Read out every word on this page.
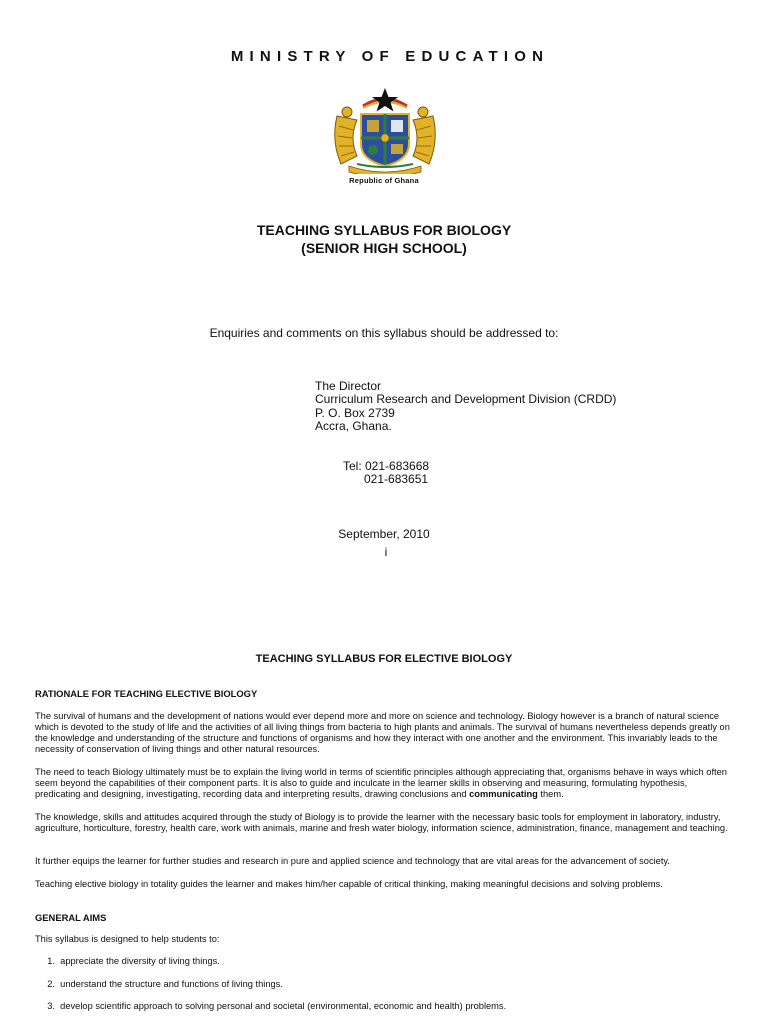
MINISTRY OF EDUCATION
Republic of Ghana
TEACHING SYLLABUS FOR BIOLOGY
(SENIOR HIGH SCHOOL)
Enquiries and comments on this syllabus should be addressed to:
The Director
Curriculum Research and Development Division (CRDD)
P. O. Box 2739
Accra, Ghana.
Tel: 021-683668
021-683651
September, 2010
i
TEACHING SYLLABUS FOR ELECTIVE BIOLOGY
RATIONALE FOR TEACHING ELECTIVE BIOLOGY

The survival of humans and the development of nations would ever depend more and more on science and technology. Biology however is a branch of natural science which is devoted to the study of life and the activities of all living things from bacteria to high plants and animals. The survival of humans nevertheless depends greatly on the knowledge and understanding of the structure and functions of organisms and how they interact with one another and the environment. This invariably leads to the necessity of conservation of living things and other natural resources.

The need to teach Biology ultimately must be to explain the living world in terms of scientific principles although appreciating that, organisms behave in ways which often seem beyond the capabilities of their component parts. It is also to guide and inculcate in the learner skills in observing and measuring, formulating hypothesis, predicating and designing, investigating, recording data and interpreting results, drawing conclusions and communicating them.

The knowledge, skills and attitudes acquired through the study of Biology is to provide the learner with the necessary basic tools for employment in laboratory, industry, agriculture, horticulture, forestry, health care, work with animals, marine and fresh water biology, information science, administration, finance, management and teaching.

It further equips the learner for further studies and research in pure and applied science and technology that are vital areas for the advancement of society.

Teaching elective biology in totality guides the learner and makes him/her capable of critical thinking, making meaningful decisions and solving problems.

GENERAL AIMS
This syllabus is designed to help students to:
1. appreciate the diversity of living things.
2. understand the structure and functions of living things.
3. develop scientific approach to solving personal and societal (environmental, economic and health) problems.
